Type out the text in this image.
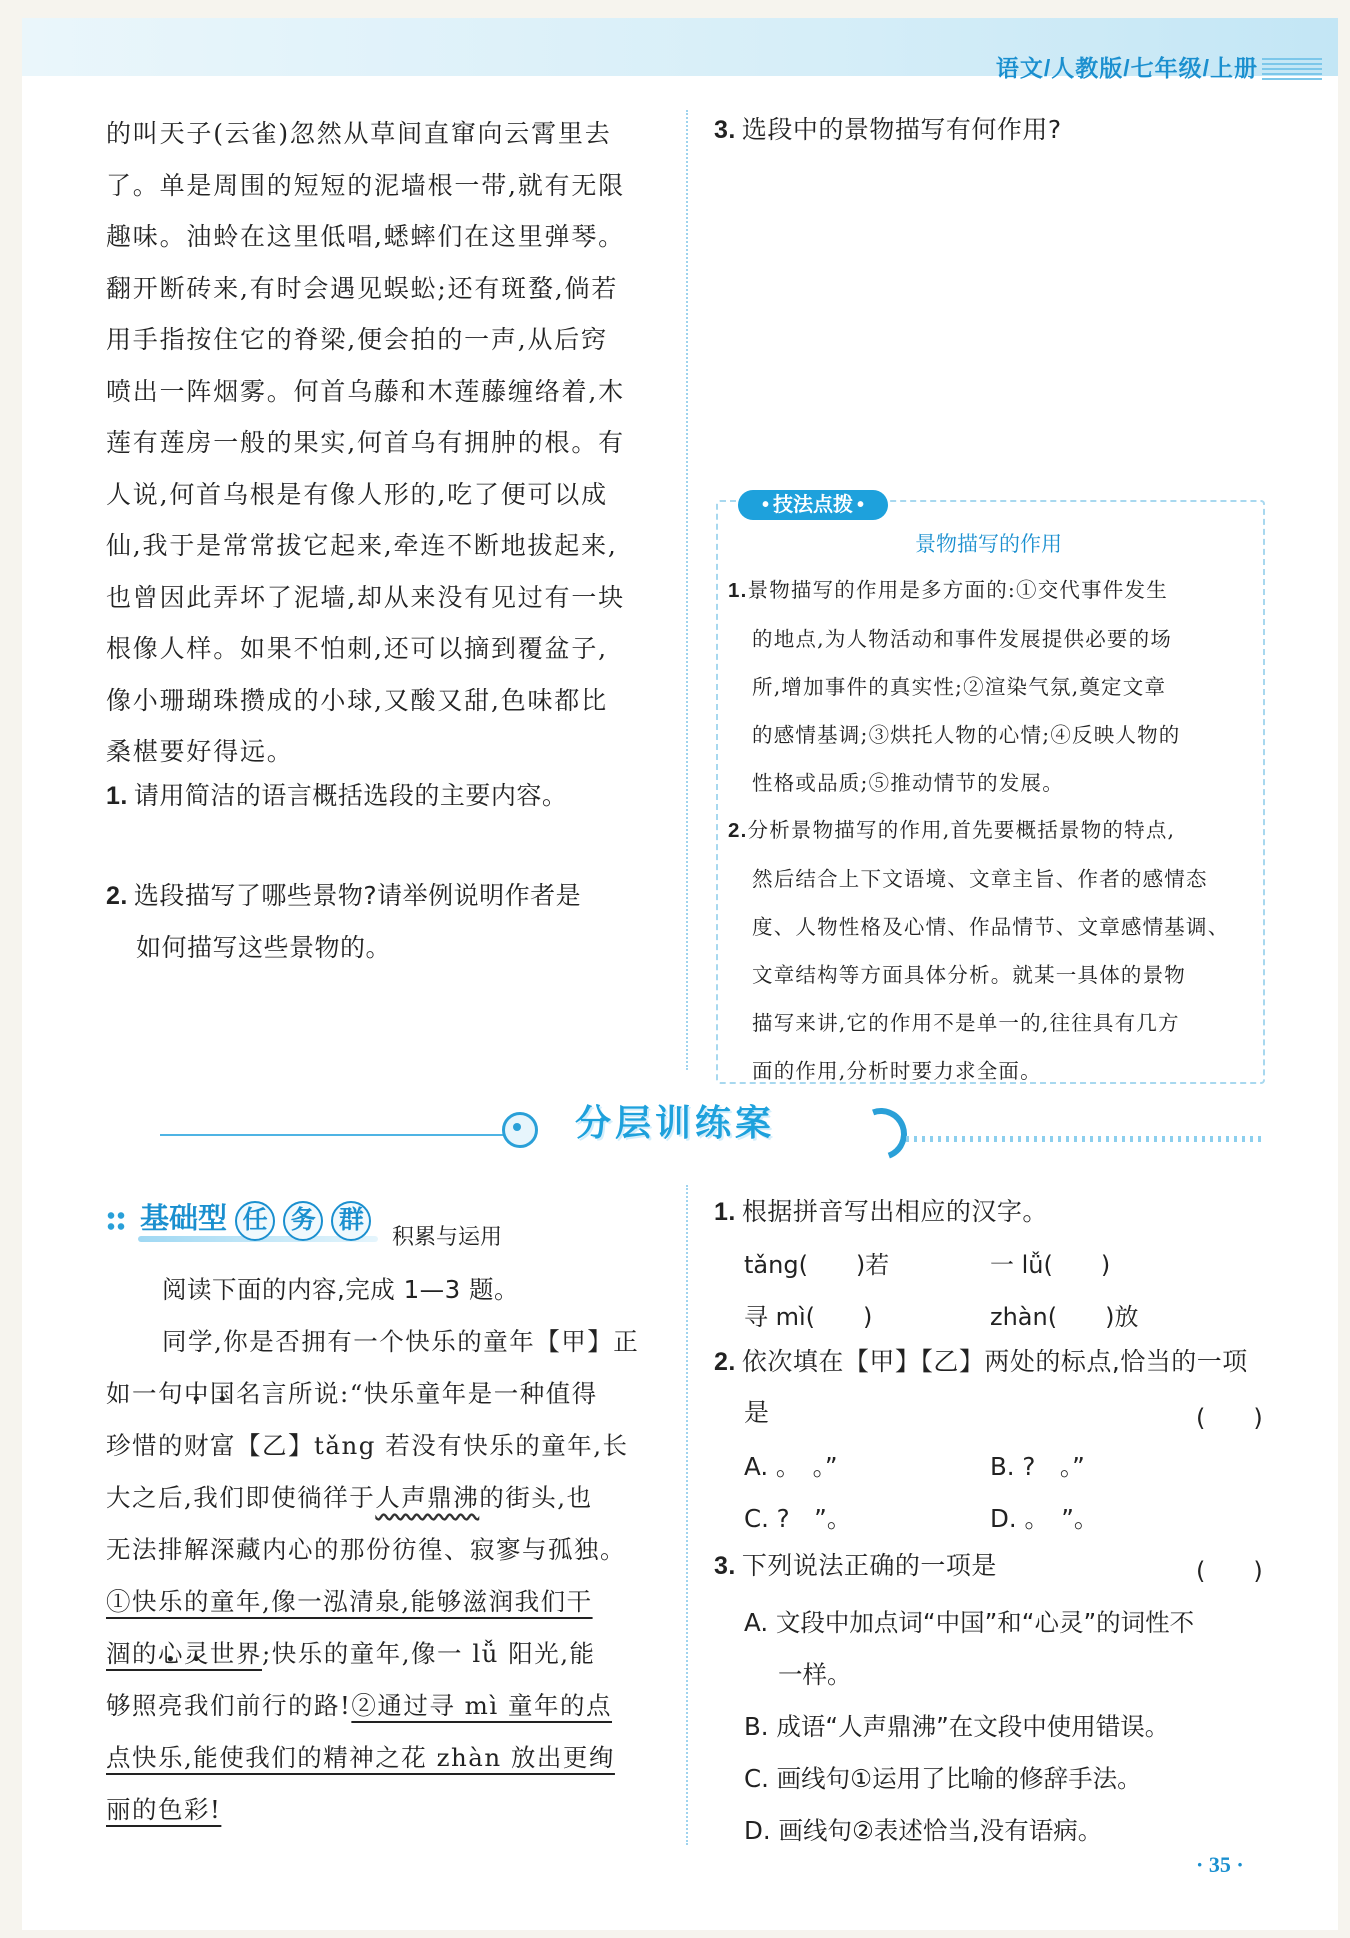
语文/人教版/七年级/上册
的叫天子(云雀)忽然从草间直窜向云霄里去
了。单是周围的短短的泥墙根一带,就有无限
趣味。油蛉在这里低唱,蟋蟀们在这里弹琴。
翻开断砖来,有时会遇见蜈蚣;还有斑蝥,倘若
用手指按住它的脊梁,便会拍的一声,从后窍
喷出一阵烟雾。何首乌藤和木莲藤缠络着,木
莲有莲房一般的果实,何首乌有拥肿的根。有
人说,何首乌根是有像人形的,吃了便可以成
仙,我于是常常拔它起来,牵连不断地拔起来,
也曾因此弄坏了泥墙,却从来没有见过有一块
根像人样。如果不怕刺,还可以摘到覆盆子,
像小珊瑚珠攒成的小球,又酸又甜,色味都比
桑椹要好得远。
1. 请用简洁的语言概括选段的主要内容。
2. 选段描写了哪些景物?请举例说明作者是
如何描写这些景物的。
3. 选段中的景物描写有何作用?
• 技法点拨 •
景物描写的作用
1.景物描写的作用是多方面的:①交代事件发生
的地点,为人物活动和事件发展提供必要的场
所,增加事件的真实性;②渲染气氛,奠定文章
的感情基调;③烘托人物的心情;④反映人物的
性格或品质;⑤推动情节的发展。
2.分析景物描写的作用,首先要概括景物的特点,
然后结合上下文语境、文章主旨、作者的感情态
度、人物性格及心情、作品情节、文章感情基调、
文章结构等方面具体分析。就某一具体的景物
描写来讲,它的作用不是单一的,往往具有几方
面的作用,分析时要力求全面。
分层训练案
基础型 任 务 群
积累与运用
阅读下面的内容,完成 1—3 题。
同学,你是否拥有一个快乐的童年【甲】正
如一句中 •国 •名言所说:“快乐童年是一种值得
珍惜的财富【乙】tǎng 若没有快乐的童年,长
大之后,我们即使徜徉于人声鼎沸的街头,也
无法排解深藏内心的那份彷徨、寂寥与孤独。
①快乐的童年,像一泓清泉,能够滋润我们干
涸的心 •灵 •世界;快乐的童年,像一 lǚ 阳光,能
够照亮我们前行的路!②通过寻 mì 童年的点
点快乐,能使我们的精神之花 zhàn 放出更绚
丽的色彩!
1. 根据拼音写出相应的汉字。
tǎng(　　)若	一 lǚ(　　)
寻 mì(　　)	zhàn(　　)放
2. 依次填在【甲】【乙】两处的标点,恰当的一项
是	(　　)
A. 。　。”	B. ?　。”
C. ?　”。	D. 。　”。
3. 下列说法正确的一项是	(　　)
A. 文段中加点词“中国”和“心灵”的词性不
一样。
B. 成语“人声鼎沸”在文段中使用错误。
C. 画线句①运用了比喻的修辞手法。
D. 画线句②表述恰当,没有语病。
· 35 ·
